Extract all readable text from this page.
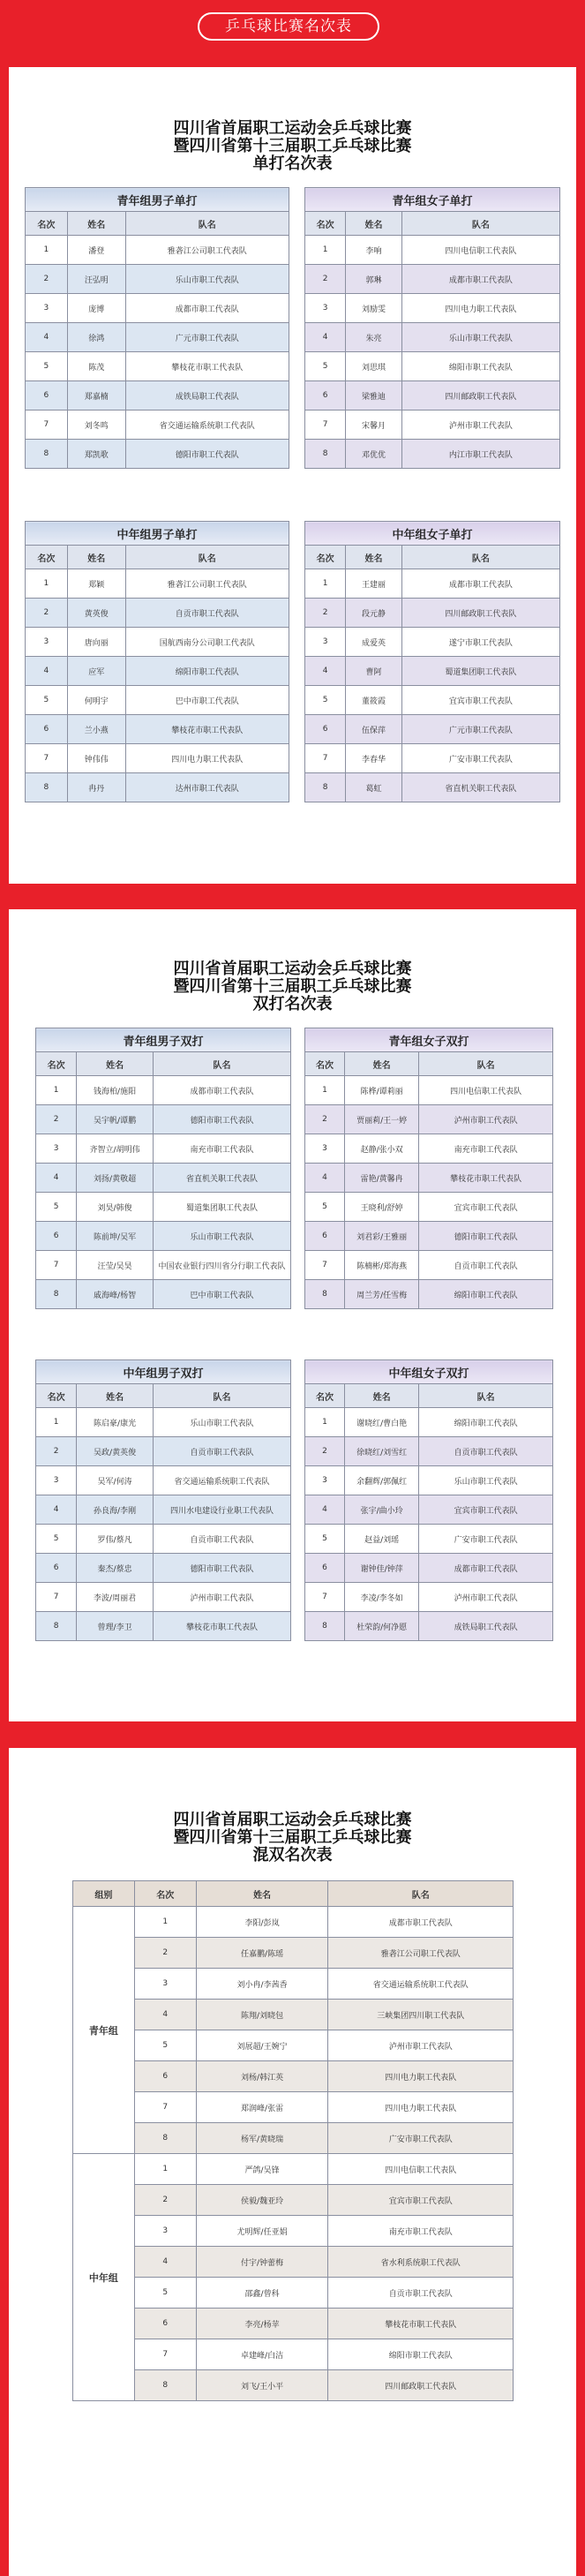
乒乓球比赛名次表
四川省首届职工运动会乒乓球比赛
暨四川省第十三届职工乒乓球比赛
单打名次表
青年组男子单打		
名次	姓名	队名
1	潘登	雅砻江公司职工代表队
2	汪弘明	乐山市职工代表队
3	庞博	成都市职工代表队
4	徐鸿	广元市职工代表队
5	陈茂	攀枝花市职工代表队
6	郑嘉楠	成铁局职工代表队
7	刘冬鸣	省交通运输系统职工代表队
8	郑凯歌	德阳市职工代表队
青年组女子单打		
名次	姓名	队名
1	李响	四川电信职工代表队
2	郭琳	成都市职工代表队
3	刘励雯	四川电力职工代表队
4	朱亮	乐山市职工代表队
5	刘思琪	绵阳市职工代表队
6	梁雅迪	四川邮政职工代表队
7	宋馨月	泸州市职工代表队
8	邓优优	内江市职工代表队
中年组男子单打		
名次	姓名	队名
1	郑颖	雅砻江公司职工代表队
2	黄英俊	自贡市职工代表队
3	唐向丽	国航西南分公司职工代表队
4	应军	绵阳市职工代表队
5	何明宇	巴中市职工代表队
6	兰小燕	攀枝花市职工代表队
7	钟伟伟	四川电力职工代表队
8	冉丹	达州市职工代表队
中年组女子单打		
名次	姓名	队名
1	王建丽	成都市职工代表队
2	段元静	四川邮政职工代表队
3	成爱英	遂宁市职工代表队
4	曹阿	蜀道集团职工代表队
5	董筱霞	宜宾市职工代表队
6	伍保萍	广元市职工代表队
7	李春华	广安市职工代表队
8	葛虹	省直机关职工代表队
四川省首届职工运动会乒乓球比赛
暨四川省第十三届职工乒乓球比赛
双打名次表
青年组男子双打		
名次	姓名	队名
1	钱海柏/施阳	成都市职工代表队
2	吴宇帆/谭鹏	德阳市职工代表队
3	齐智立/胡明伟	南充市职工代表队
4	刘扬/黄敬超	省直机关职工代表队
5	刘昊/韩俊	蜀道集团职工代表队
6	陈前坤/吴军	乐山市职工代表队
7	汪莹/吴昊	中国农业银行四川省分行职工代表队
8	戚海峰/杨智	巴中市职工代表队
青年组女子双打		
名次	姓名	队名
1	陈桦/谭莉丽	四川电信职工代表队
2	贾丽莉/王一婷	泸州市职工代表队
3	赵静/张小双	南充市职工代表队
4	雷艳/黄馨冉	攀枝花市职工代表队
5	王晓利/舒婷	宜宾市职工代表队
6	刘君彩/王雅丽	德阳市职工代表队
7	陈楠彬/郑海燕	自贡市职工代表队
8	周兰芳/任雪梅	绵阳市职工代表队
中年组男子双打		
名次	姓名	队名
1	陈启豪/康光	乐山市职工代表队
2	吴政/黄英俊	自贡市职工代表队
3	吴军/何涛	省交通运输系统职工代表队
4	孙良海/李刚	四川水电建设行业职工代表队
5	罗伟/蔡凡	自贡市职工代表队
6	秦杰/蔡忠	德阳市职工代表队
7	李波/周丽君	泸州市职工代表队
8	曾理/李卫	攀枝花市职工代表队
中年组女子双打		
名次	姓名	队名
1	谢晓红/曹白艳	绵阳市职工代表队
2	徐晓红/刘雪红	自贡市职工代表队
3	余翻辉/郭佩红	乐山市职工代表队
4	张宇/曲小玲	宜宾市职工代表队
5	赵益/刘瑶	广安市职工代表队
6	谢钟佳/钟萍	成都市职工代表队
7	李凌/李冬如	泸州市职工代表队
8	杜荣韵/何净愿	成铁局职工代表队
四川省首届职工运动会乒乓球比赛
暨四川省第十三届职工乒乓球比赛
混双名次表
组别	名次	姓名	队名
青年组	1	李阳/彭岚	成都市职工代表队
	2	任嘉鹏/陈瑶	雅砻江公司职工代表队
	3	刘小冉/李茜香	省交通运输系统职工代表队
	4	陈翔/刘晓包	三峡集团四川职工代表队
	5	刘展超/王婉宁	泸州市职工代表队
	6	刘杨/韩江英	四川电力职工代表队
	7	郑润峰/张雷	四川电力职工代表队
	8	杨军/黄晓瑞	广安市职工代表队
中年组	1	严鸽/吴锋	四川电信职工代表队
	2	侯毅/魏亚玲	宜宾市职工代表队
	3	尤明辉/任亚娟	南充市职工代表队
	4	付宇/钟蕾梅	省水利系统职工代表队
	5	邵鑫/曾科	自贡市职工代表队
	6	李亮/杨苹	攀枝花市职工代表队
	7	卓建峰/白洁	绵阳市职工代表队
	8	刘飞/王小平	四川邮政职工代表队
